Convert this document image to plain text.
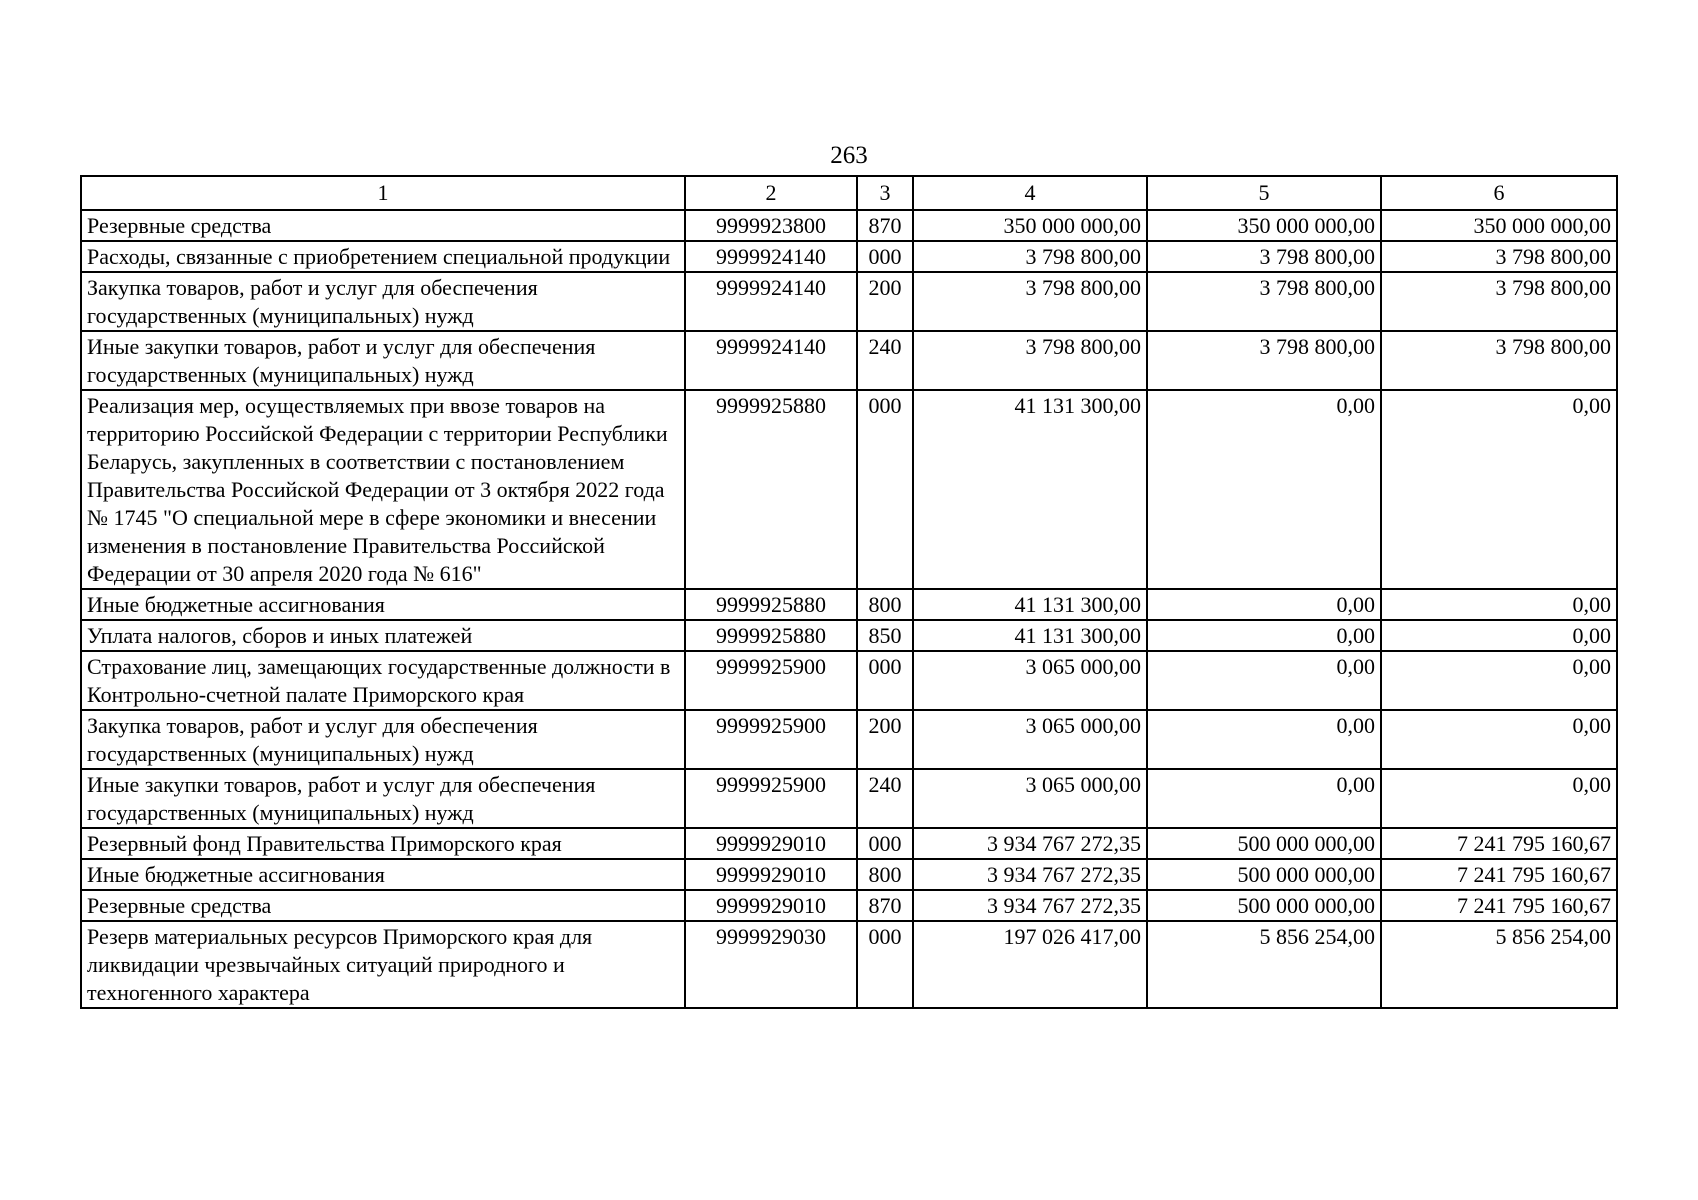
263
1	2	3	4	5	6
Резервные средства	9999923800	870	350 000 000,00	350 000 000,00	350 000 000,00
Расходы, связанные с приобретением специальной продукции	9999924140	000	3 798 800,00	3 798 800,00	3 798 800,00
Закупка товаров, работ и услуг для обеспечения государственных (муниципальных) нужд	9999924140	200	3 798 800,00	3 798 800,00	3 798 800,00
Иные закупки товаров, работ и услуг для обеспечения государственных (муниципальных) нужд	9999924140	240	3 798 800,00	3 798 800,00	3 798 800,00
Реализация мер, осуществляемых при ввозе товаров на территорию Российской Федерации с территории Республики Беларусь, закупленных в соответствии с постановлением Правительства Российской Федерации от 3 октября 2022 года № 1745 "О специальной мере в сфере экономики и внесении изменения в постановление Правительства Российской Федерации от 30 апреля 2020 года № 616"	9999925880	000	41 131 300,00	0,00	0,00
Иные бюджетные ассигнования	9999925880	800	41 131 300,00	0,00	0,00
Уплата налогов, сборов и иных платежей	9999925880	850	41 131 300,00	0,00	0,00
Страхование лиц, замещающих государственные должности в Контрольно-счетной палате Приморского края	9999925900	000	3 065 000,00	0,00	0,00
Закупка товаров, работ и услуг для обеспечения государственных (муниципальных) нужд	9999925900	200	3 065 000,00	0,00	0,00
Иные закупки товаров, работ и услуг для обеспечения государственных (муниципальных) нужд	9999925900	240	3 065 000,00	0,00	0,00
Резервный фонд Правительства Приморского края	9999929010	000	3 934 767 272,35	500 000 000,00	7 241 795 160,67
Иные бюджетные ассигнования	9999929010	800	3 934 767 272,35	500 000 000,00	7 241 795 160,67
Резервные средства	9999929010	870	3 934 767 272,35	500 000 000,00	7 241 795 160,67
Резерв материальных ресурсов Приморского края для ликвидации чрезвычайных ситуаций природного и техногенного характера	9999929030	000	197 026 417,00	5 856 254,00	5 856 254,00
